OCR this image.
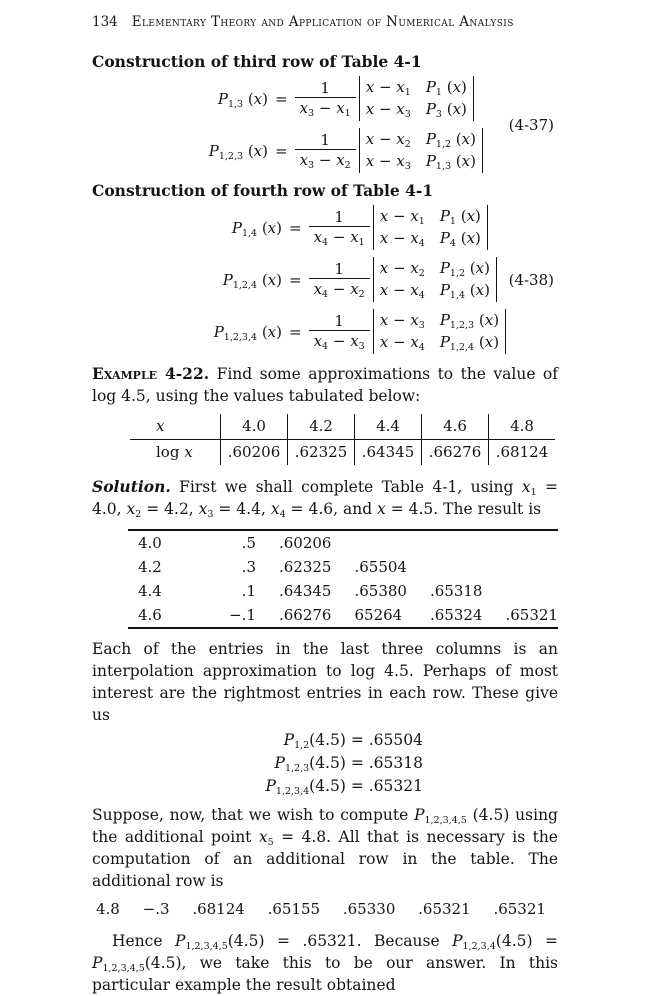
134 Elementary Theory and Application of Numerical Analysis
Construction of third row of Table 4-1
$P_{1,3}$ $(x) = \frac{1}{x_3 - x_1}$ $x - x_1$
$x - x_3$
$P_1$ (x)
$P_3$ (x)
$P_{1,2,3}$ $(x) = \frac{1}{x_3 - x_2}$ $x - x_2$
$x - x_3$
$P_{1,2}$ (x)
$P_{1,3}$ (x)
(4-37)
Construction of fourth row of Table 4-1
$P_{1,4}$ $(x) = \frac{1}{x_4 - x_1}$ $x - x_1$
$x - x_4$
$P_1$ (x)
$P_4$ (x)
$P_{1,2,4}$ $(x) = \frac{1}{x_4 - x_2}$ $x - x_2$
$x - x_4$
$P_{1,2}$ (x)
$P_{1,4}$ (x)
$P_{1,2,3,4}$ $(x) = \frac{1}{x_4 - x_3}$ $x - x_3$
$x - x_4$
$P_{1,2,3}$ (x)
$P_{1,2,4}$ (x)
(4-38)

Example 4-22. Find some approximations to the value of log 4.5, using the values tabulated below:

x	4.0	4.2	4.4	4.6	4.8
log x	.60206	.62325	.64345	.66276	.68124

Solution. First we shall complete Table 4-1, using $x_1 = 4.0$, $x_2 = 4.2$, $x_3 = 4.4$, $x_4 = 4.6$, and x = 4.5. The result is

4.0	.5	.60206			
4.2	.3	.62325	.65504		
4.4	.1	.64345	.65380	.65318	
4.6	−.1	.66276	65264	.65324	.65321

Each of the entries in the last three columns is an interpolation approximation to log 4.5. Perhaps of most interest are the rightmost entries in each row. These give us

$P_{1,2}(4.5) = .65504$
$P_{1,2,3}(4.5) = .65318$
$P_{1,2,3,4}(4.5) = .65321$

Suppose, now, that we wish to compute $P_{1,2,3,4,5}$ (4.5) using the additional point $x_5 = 4.8$. All that is necessary is the computation of an additional row in the table. The additional row is

4.8 −.3 .68124 .65155 .65330 .65321 .65321

Hence $P_{1,2,3,4,5}(4.5) = .65321$. Because $P_{1,2,3,4}(4.5) = P_{1,2,3,4,5}(4.5)$, we take this to be our answer. In this particular example the result obtained
